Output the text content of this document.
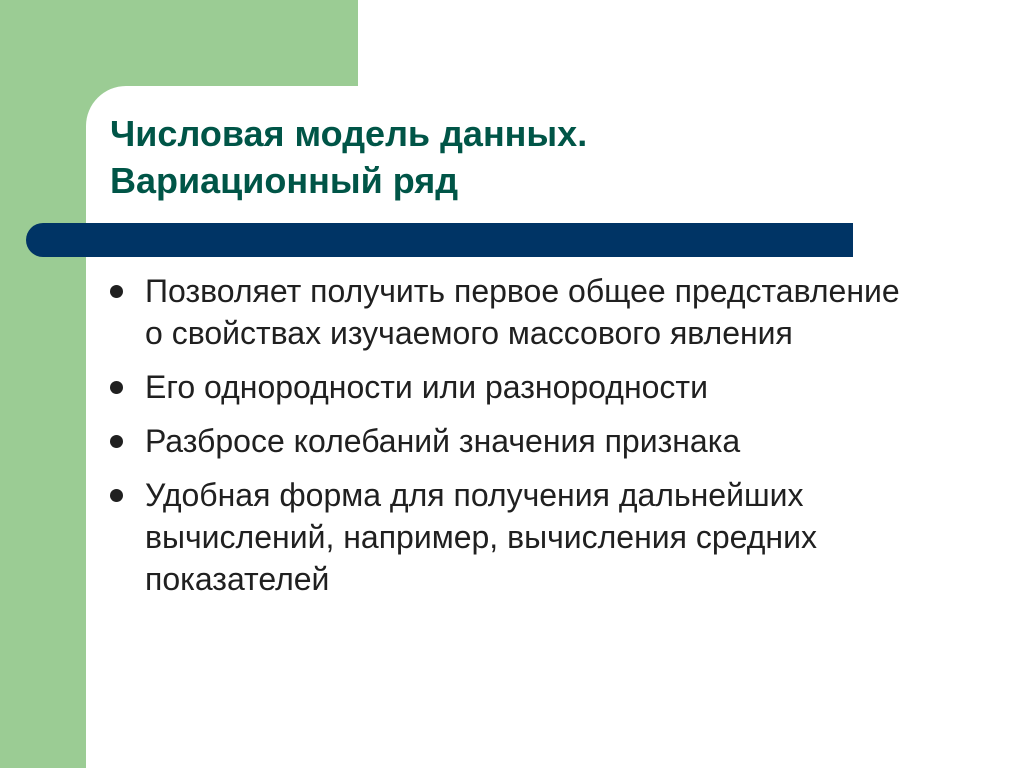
Числовая модель данных.
Вариационный ряд
Позволяет получить первое общее представление о свойствах изучаемого массового явления
Его однородности или разнородности
Разбросе колебаний значения признака
Удобная форма для получения дальнейших вычислений, например, вычисления средних показателей
